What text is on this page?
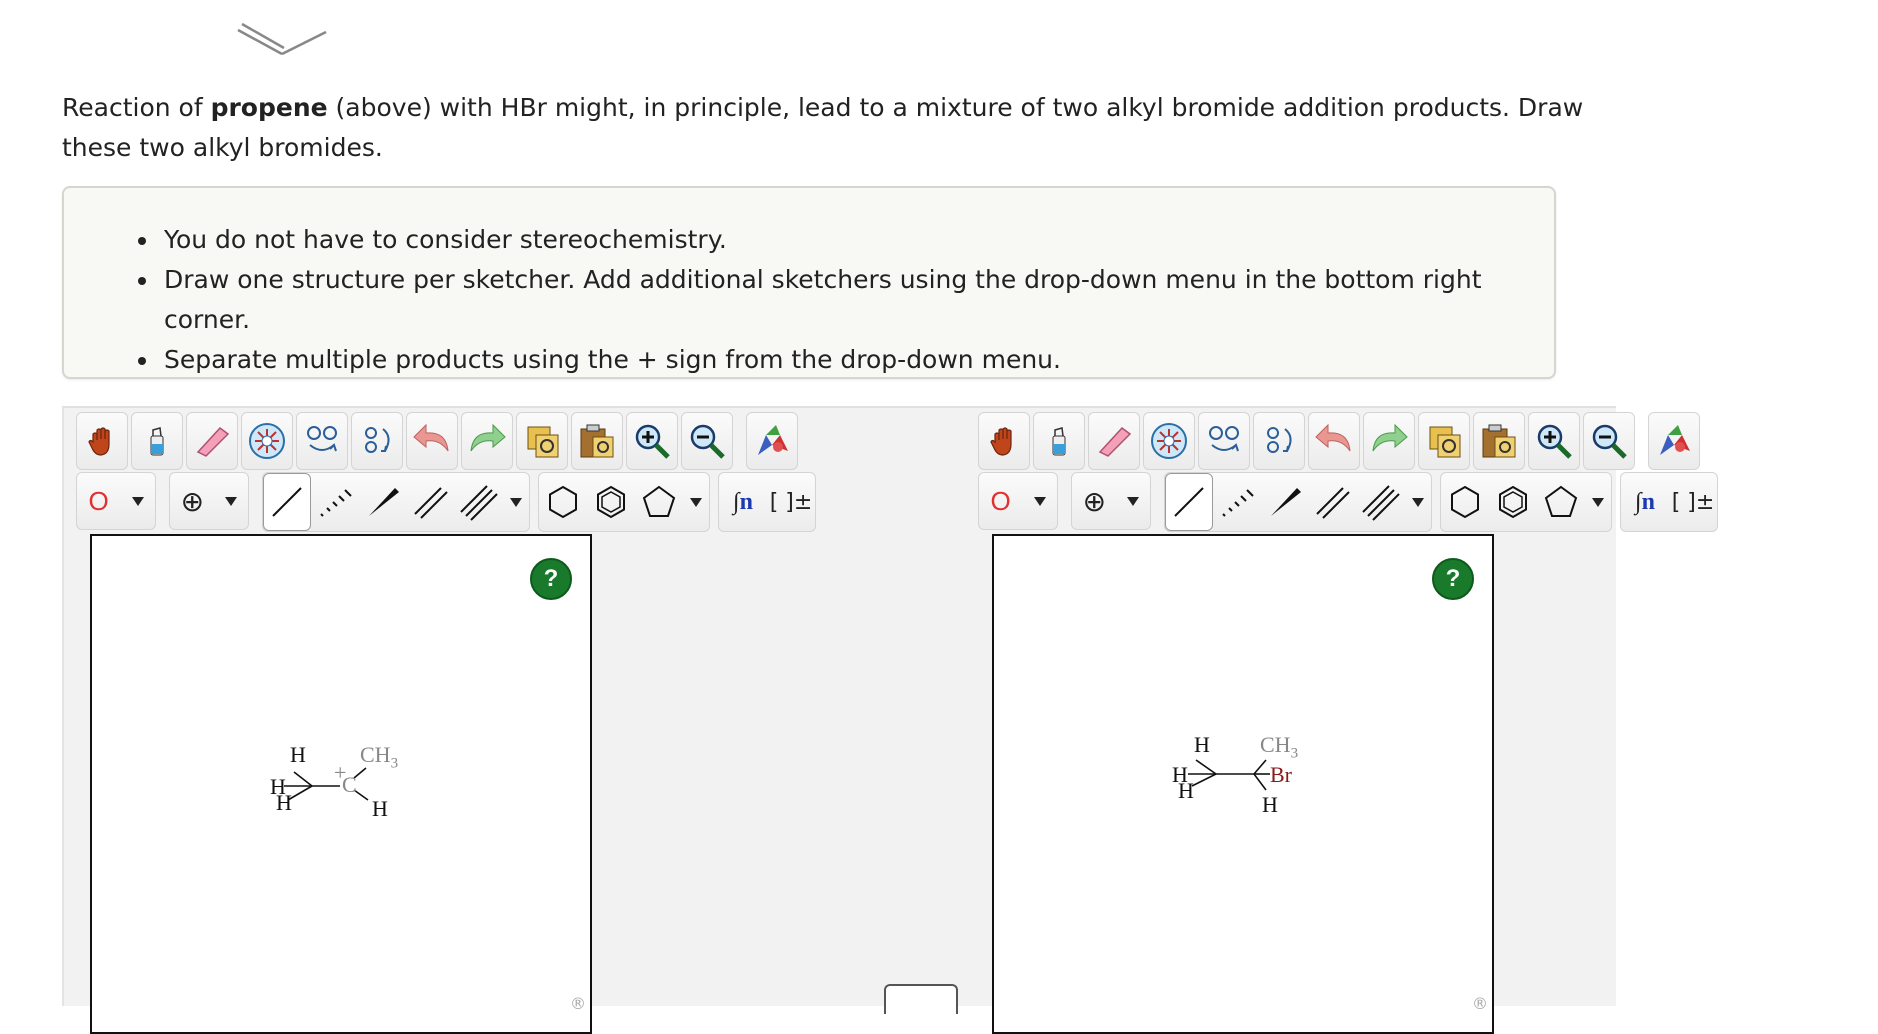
Reaction of propene (above) with HBr might, in principle, lead to a mixture of two alkyl bromide addition products. Draw these two alkyl bromides.
You do not have to consider stereochemistry.
Draw one structure per sketcher. Add additional sketchers using the drop-down menu in the bottom right corner.
Separate multiple products using the + sign from the drop-down menu.
O	⊕	∫ n [ ]±
?
H $CH_3$
+
C
H
H	H
®
O	⊕	∫ n [ ]±
?
H $CH_3$
Br
H
H
H
®
